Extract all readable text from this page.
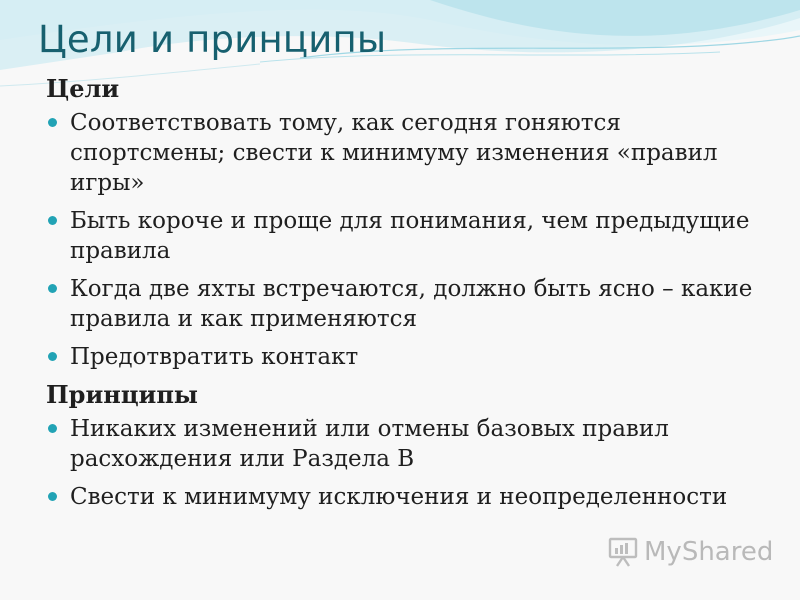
Цели и принципы
Цели
Соответствовать тому, как сегодня гоняются спортсмены; свести к минимуму изменения «правил игры»
Быть короче и проще для понимания, чем предыдущие правила
Когда две яхты встречаются, должно быть ясно – какие правила и как применяются
Предотвратить контакт
Принципы
Никаких изменений или отмены базовых правил расхождения или Раздела В
Свести к минимуму исключения и неопределенности
MyShared
